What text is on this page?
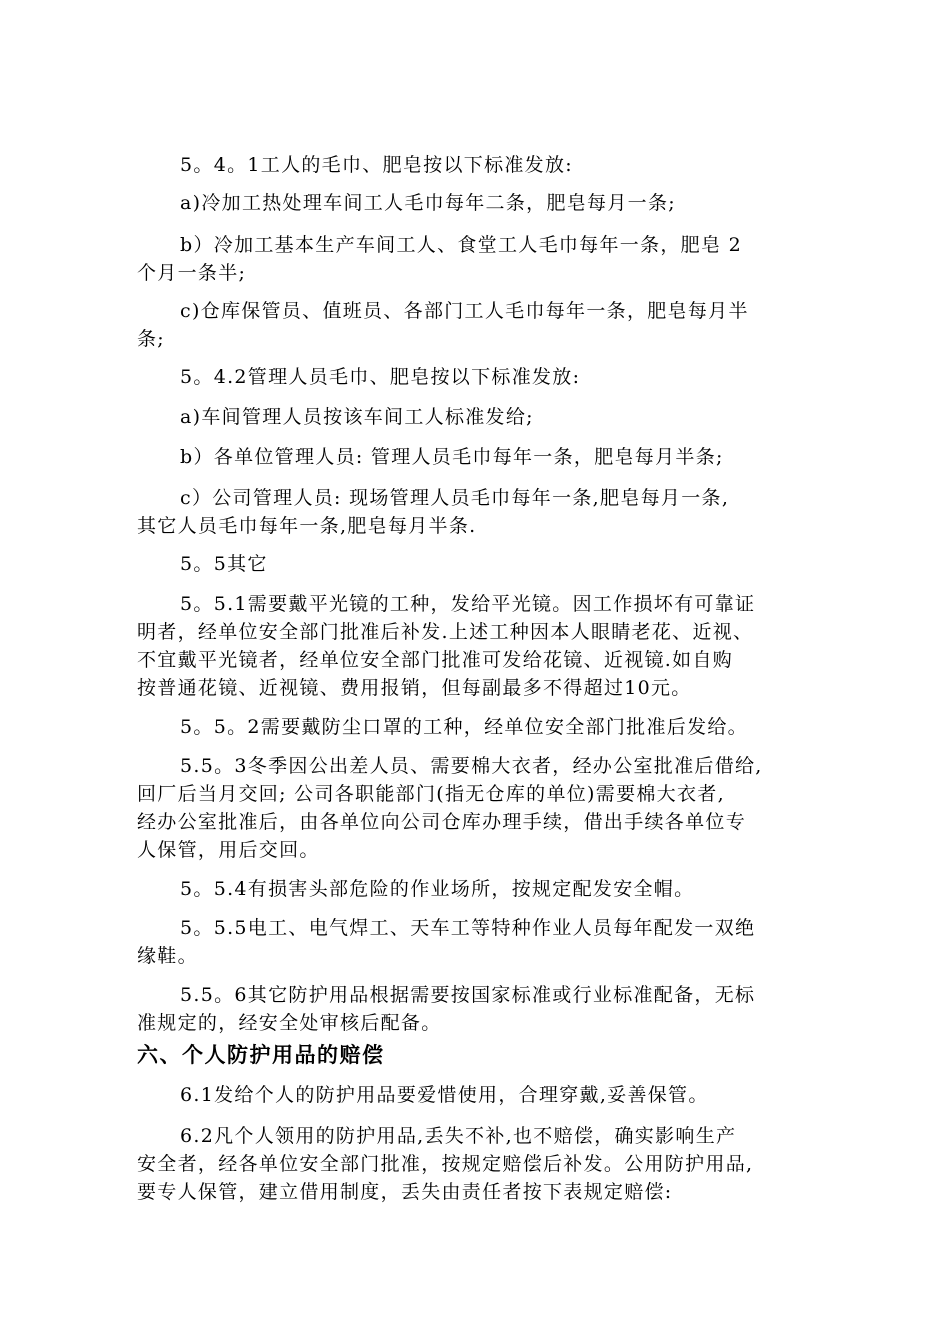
5。4。1工人的毛巾、肥皂按以下标准发放:
a)冷加工热处理车间工人毛巾每年二条，肥皂每月一条;
b）冷加工基本生产车间工人、食堂工人毛巾每年一条，肥皂 2
个月一条半;
c)仓库保管员、值班员、各部门工人毛巾每年一条，肥皂每月半
条;
5。4.2管理人员毛巾、肥皂按以下标准发放:
a)车间管理人员按该车间工人标准发给;
b）各单位管理人员: 管理人员毛巾每年一条，肥皂每月半条;
c）公司管理人员: 现场管理人员毛巾每年一条,肥皂每月一条,
其它人员毛巾每年一条,肥皂每月半条.
5。5其它
5。5.1需要戴平光镜的工种，发给平光镜。因工作损坏有可靠证
明者，经单位安全部门批准后补发.上述工种因本人眼睛老花、近视、
不宜戴平光镜者，经单位安全部门批准可发给花镜、近视镜.如自购
按普通花镜、近视镜、费用报销，但每副最多不得超过10元。
5。5。2需要戴防尘口罩的工种，经单位安全部门批准后发给。
5.5。3冬季因公出差人员、需要棉大衣者，经办公室批准后借给,
回厂后当月交回; 公司各职能部门(指无仓库的单位)需要棉大衣者,
经办公室批准后，由各单位向公司仓库办理手续，借出手续各单位专
人保管，用后交回。
5。5.4有损害头部危险的作业场所，按规定配发安全帽。
5。5.5电工、电气焊工、天车工等特种作业人员每年配发一双绝
缘鞋。
5.5。6其它防护用品根据需要按国家标准或行业标准配备，无标
准规定的，经安全处审核后配备。
六、个人防护用品的赔偿
6.1发给个人的防护用品要爱惜使用，合理穿戴,妥善保管。
6.2凡个人领用的防护用品,丢失不补,也不赔偿，确实影响生产
安全者，经各单位安全部门批准，按规定赔偿后补发。公用防护用品,
要专人保管，建立借用制度，丢失由责任者按下表规定赔偿:
